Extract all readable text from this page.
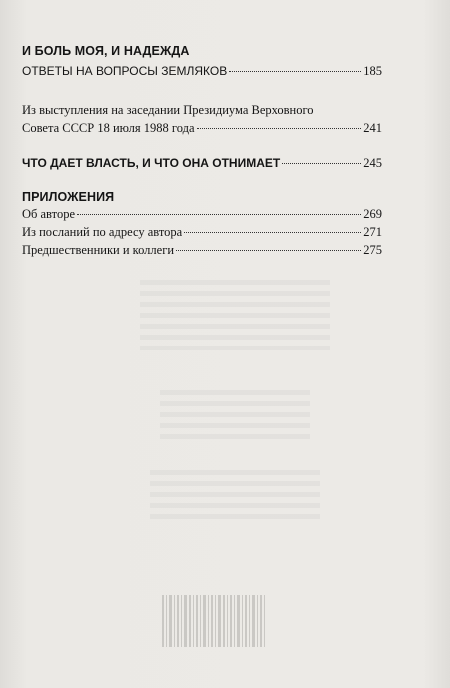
И БОЛЬ МОЯ, И НАДЕЖДА
ОТВЕТЫ НА ВОПРОСЫ ЗЕМЛЯКОВ	185
Из выступления на заседании Президиума Верховного
Совета СССР 18 июля 1988 года	241
ЧТО ДАЕТ ВЛАСТЬ, И ЧТО ОНА ОТНИМАЕТ	245
ПРИЛОЖЕНИЯ
Об авторе	269
Из посланий по адресу автора	271
Предшественники и коллеги	275
